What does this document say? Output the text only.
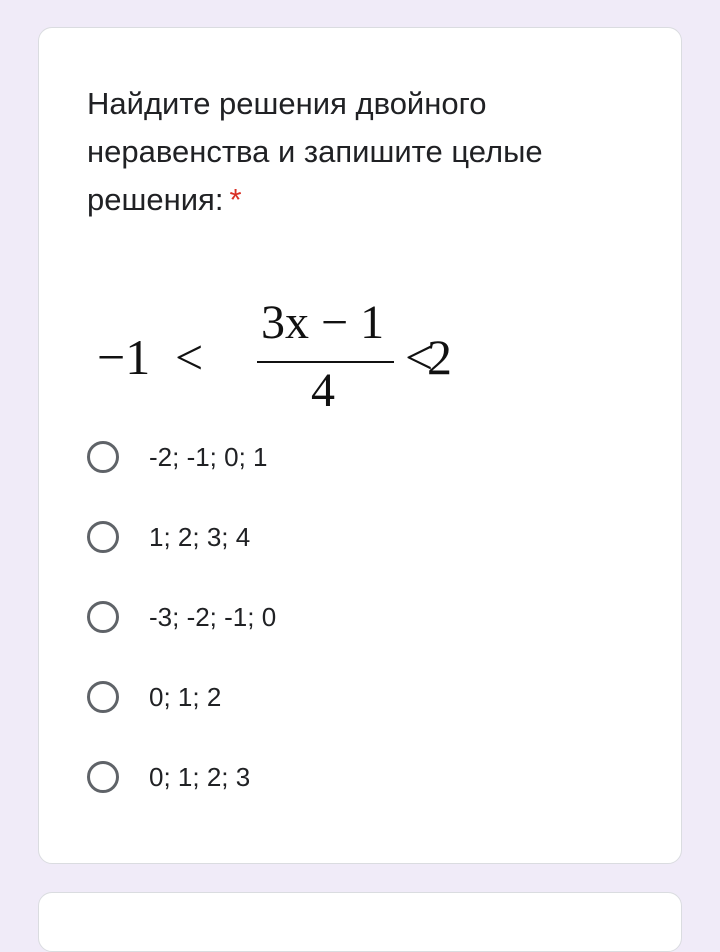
Найдите решения двойного неравенства и запишите целые решения: *
−1 <
3x − 1
4
<
2
-2; -1; 0; 1
1; 2; 3; 4
-3; -2; -1; 0
0; 1; 2
0; 1; 2; 3
